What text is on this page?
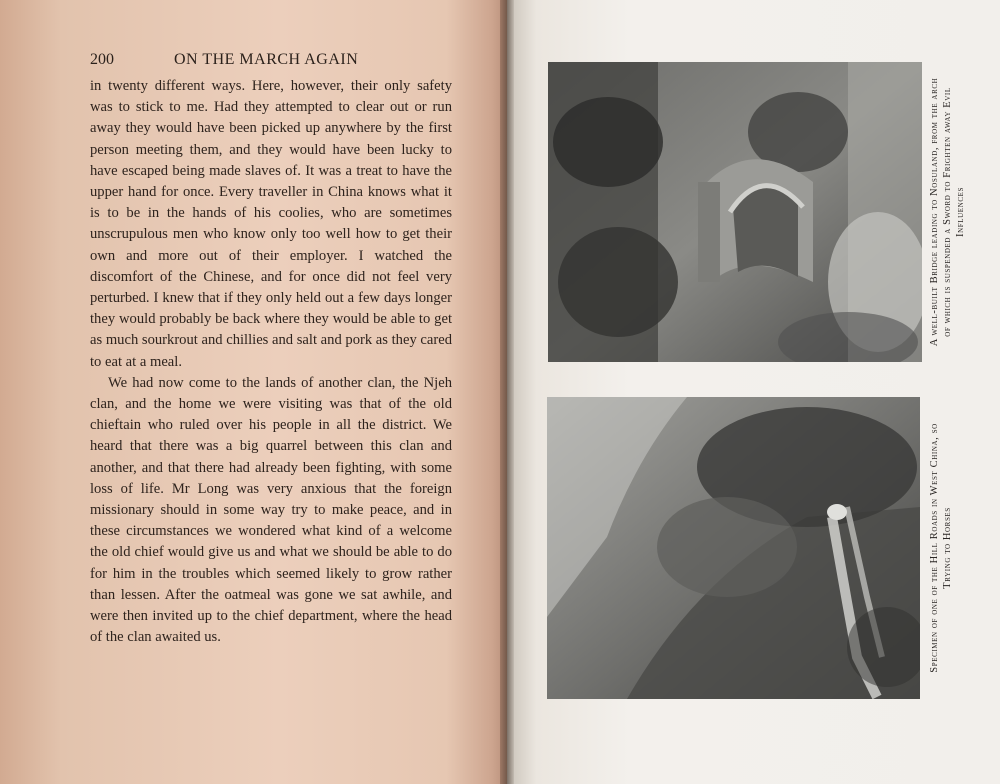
200	ON THE MARCH AGAIN

in twenty different ways. Here, however, their only safety was to stick to me. Had they attempted to clear out or run away they would have been picked up anywhere by the first person meeting them, and they would have been lucky to have escaped being made slaves of. It was a treat to have the upper hand for once. Every traveller in China knows what it is to be in the hands of his coolies, who are sometimes unscrupulous men who know only too well how to get their own and more out of their employer. I watched the discomfort of the Chinese, and for once did not feel very perturbed. I knew that if they only held out a few days longer they would probably be back where they would be able to get as much sourkrout and chillies and salt and pork as they cared to eat at a meal.

We had now come to the lands of another clan, the Njeh clan, and the home we were visiting was that of the old chieftain who ruled over his people in all the district. We heard that there was a big quarrel between this clan and another, and that there had already been fighting, with some loss of life. Mr Long was very anxious that the foreign missionary should in some way try to make peace, and in these circumstances we wondered what kind of a welcome the old chief would give us and what we should be able to do for him in the troubles which seemed likely to grow rather than lessen. After the oatmeal was gone we sat awhile, and were then invited up to the chief department, where the head of the clan awaited us.

A well-built Bridge leading to Nosuland, from the arch of which is suspended a Sword to Frighten away Evil Influences
Specimen of one of the Hill Roads in West China, so Trying to Horses
